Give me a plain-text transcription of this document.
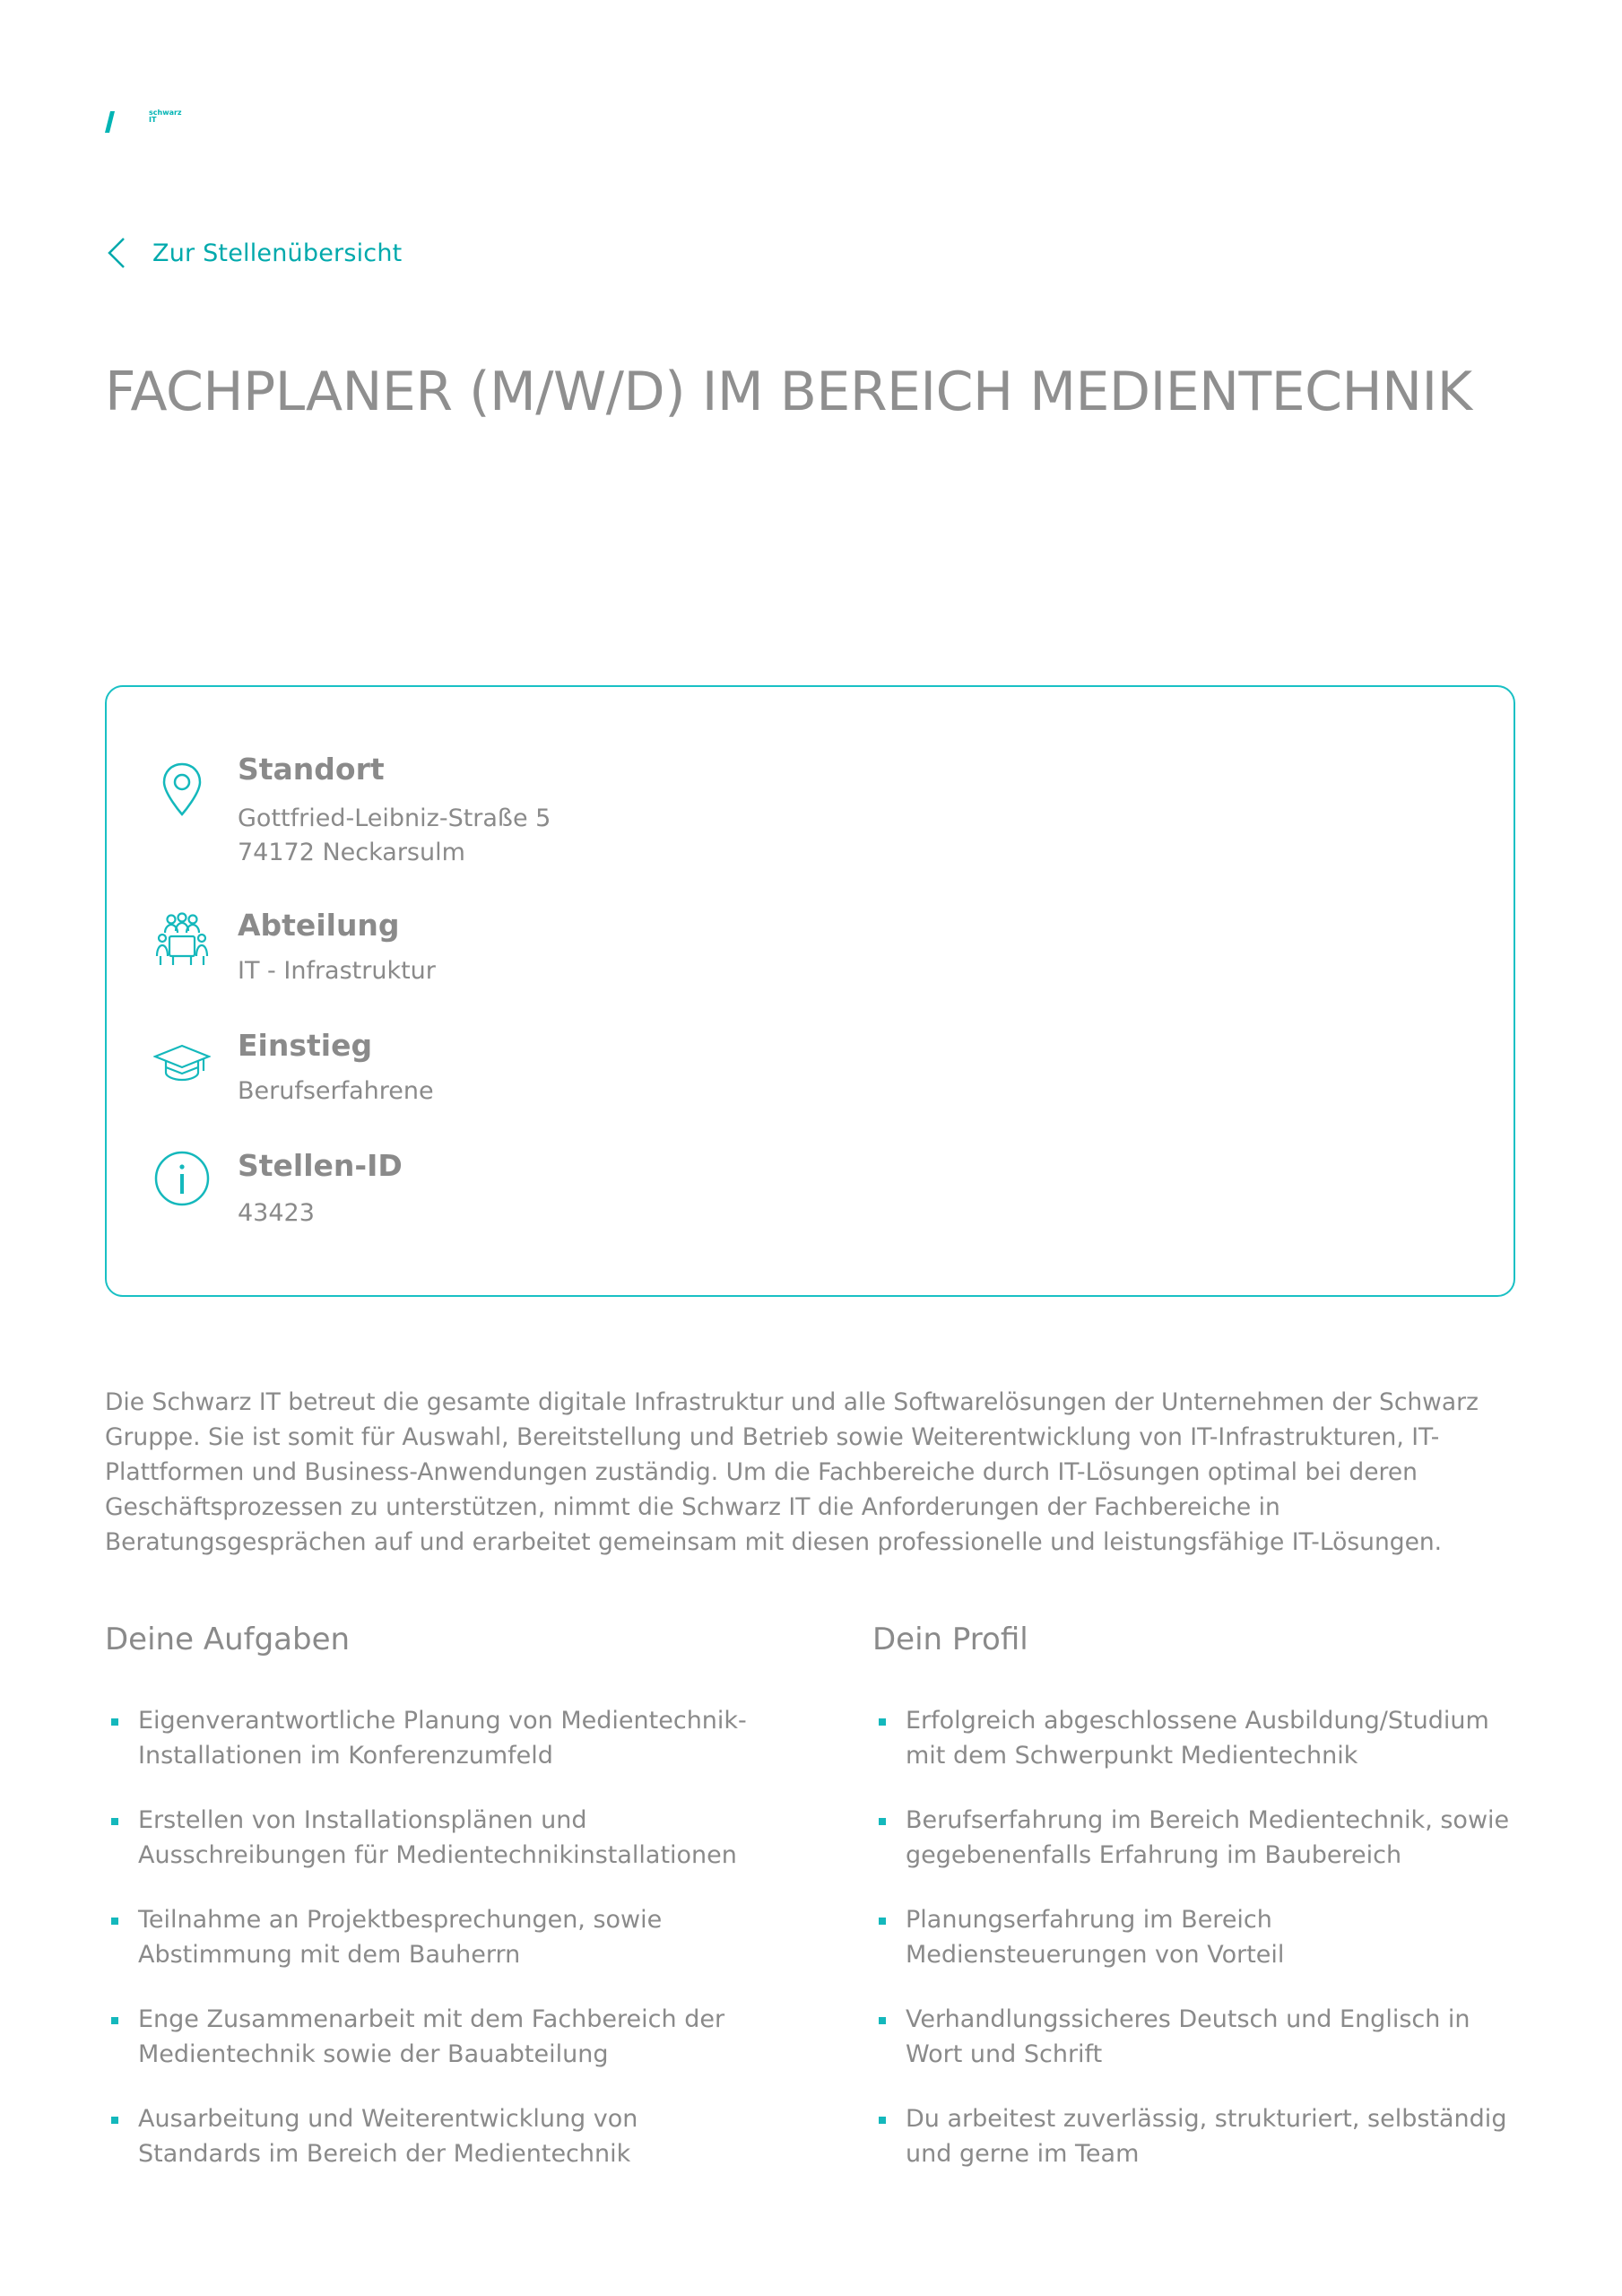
schwarz
IT
Zur Stellenübersicht
FACHPLANER (M/W/D) IM BEREICH MEDIENTECHNIK
Standort
Gottfried-Leibniz-Straße 5
74172 Neckarsulm
Abteilung
IT - Infrastruktur
Einstieg
Berufserfahrene
Stellen-ID
43423

Die Schwarz IT betreut die gesamte digitale Infrastruktur und alle Softwarelösungen der Unternehmen der Schwarz Gruppe. Sie ist somit für Auswahl, Bereitstellung und Betrieb sowie Weiterentwicklung von IT-Infrastrukturen, IT-Plattformen und Business-Anwendungen zuständig. Um die Fachbereiche durch IT-Lösungen optimal bei deren Geschäftsprozessen zu unterstützen, nimmt die Schwarz IT die Anforderungen der Fachbereiche in Beratungsgesprächen auf und erarbeitet gemeinsam mit diesen professionelle und leistungsfähige IT-Lösungen.

Deine Aufgaben
Eigenverantwortliche Planung von Medientechnik-Installationen im Konferenzumfeld
Erstellen von Installationsplänen und Ausschreibungen für Medientechnikinstallationen
Teilnahme an Projektbesprechungen, sowie Abstimmung mit dem Bauherrn
Enge Zusammenarbeit mit dem Fachbereich der Medientechnik sowie der Bauabteilung
Ausarbeitung und Weiterentwicklung von Standards im Bereich der Medientechnik
Dein Profil
Erfolgreich abgeschlossene Ausbildung/Studium mit dem Schwerpunkt Medientechnik
Berufserfahrung im Bereich Medientechnik, sowie gegebenenfalls Erfahrung im Baubereich
Planungserfahrung im Bereich Mediensteuerungen von Vorteil
Verhandlungssicheres Deutsch und Englisch in Wort und Schrift
Du arbeitest zuverlässig, strukturiert, selbständig und gerne im Team
